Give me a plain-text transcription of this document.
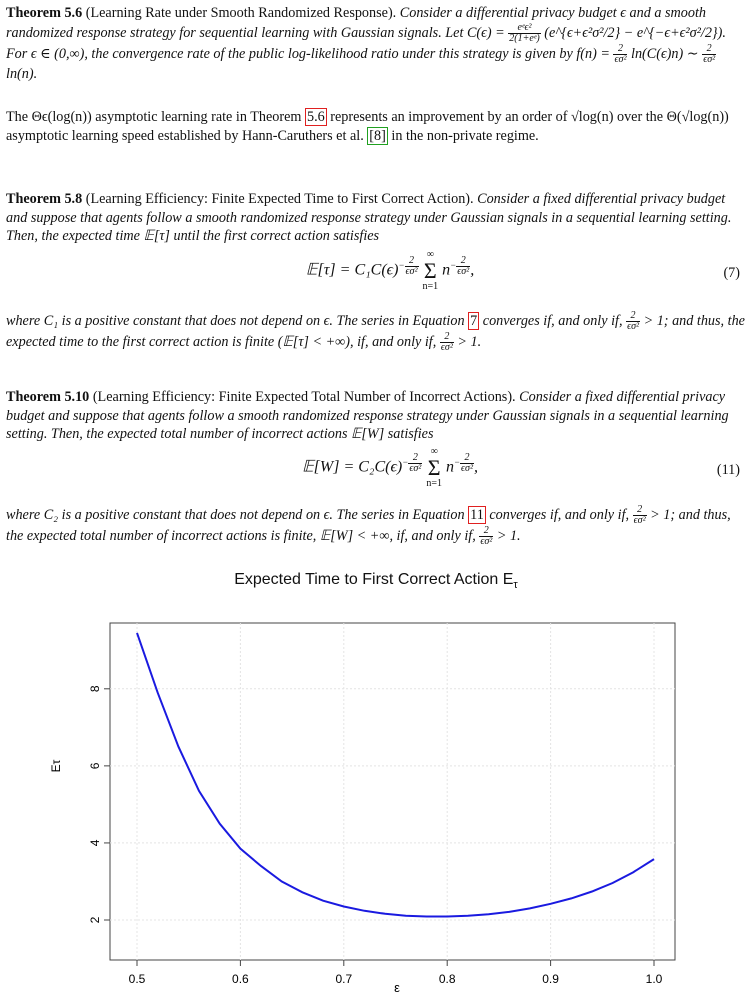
Theorem 5.6 (Learning Rate under Smooth Randomized Response). Consider a differential privacy budget ϵ and a smooth randomized response strategy for sequential learning with Gaussian signals. Let $C(\epsilon) = \frac{\text{eᵉϵ²}}{\text{2(1+eᵉ)}}$ (e^{ϵ+ϵ²σ²/2} − e^{−ϵ+ϵ²σ²/2}). For ϵ ∈ (0,∞), the convergence rate of the public log-likelihood ratio under this strategy is given by $f(n) = \frac{2}{\text{ϵσ²}} \ln(C(\epsilon)n)$ ∼ $\frac{2}{\text{ϵσ²}}$
ln(n).
The Θϵ(log(n)) asymptotic learning rate in Theorem 5.6 represents an improvement by an order of √log(n) over the Θ(√log(n)) asymptotic learning speed established by Hann-Caruthers et al. [8] in the non-private regime.
Theorem 5.8 (Learning Efficiency: Finite Expected Time to First Correct Action). Consider a fixed differential privacy budget and suppose that agents follow a smooth randomized response strategy under Gaussian signals in a sequential learning setting. Then, the expected time 𝔼[τ] until the first correct action satisfies
𝔼[τ] = $C_1C(\epsilon)^{- \frac{2}{\text{ϵσ²}}}$
∞
Σ
n=1 $n^{- \frac{2}{\text{ϵσ²}}}$ ,	(7)
where C₁ is a positive constant that does not depend on ϵ. The series in Equation 7 converges if, and only if, $\frac{2}{\text{ϵσ²}} > 1$; and thus, the expected time to the first correct action is finite (𝔼[τ] < +∞), if, and only if, $\frac{2}{\text{ϵσ²}} > 1$.
Theorem 5.10 (Learning Efficiency: Finite Expected Total Number of Incorrect Actions). Consider a fixed differential privacy budget and suppose that agents follow a smooth randomized response strategy under Gaussian signals in a sequential learning setting. Then, the expected total number of incorrect actions 𝔼[W] satisfies
𝔼[W] = $C_2C(\epsilon)^{- \frac{2}{\text{ϵσ²}}}$
∞
Σ
n=1 $n^{- \frac{2}{\text{ϵσ²}}}$ ,	(11)
where C₂ is a positive constant that does not depend on ϵ. The series in Equation 11 converges if, and only if, $\frac{2}{\text{ϵσ²}} > 1$; and thus, the expected total number of incorrect actions is finite, 𝔼[W] < +∞, if, and only if, $\frac{2}{\text{ϵσ²}} > 1$.
Expected Time to First Correct Action $E_\tau$
0.5	0.6	0.7	0.8	0.9	1.0
2
4
6
8
ε
Eτ
